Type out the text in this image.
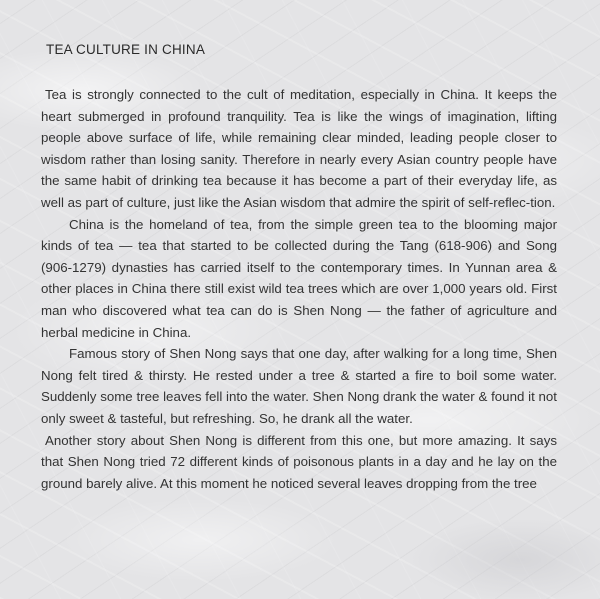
TEA CULTURE IN CHINA

Tea is strongly connected to the cult of meditation, especially in China. It keeps the heart submerged in profound tranquility. Tea is like the wings of imagination, lifting people above surface of life, while remaining clear minded, leading people closer to wisdom rather than losing sanity. Therefore in nearly every Asian country people have the same habit of drinking tea because it has become a part of their everyday life, as well as part of culture, just like the Asian wisdom that admire the spirit of self-reflec-tion.

China is the homeland of tea, from the simple green tea to the blooming major kinds of tea — tea that started to be collected during the Tang (618-906) and Song (906-1279) dynasties has carried itself to the contemporary times. In Yunnan area & other places in China there still exist wild tea trees which are over 1,000 years old. First man who discovered what tea can do is Shen Nong — the father of agriculture and herbal medicine in China.

Famous story of Shen Nong says that one day, after walking for a long time, Shen Nong felt tired & thirsty. He rested under a tree & started a fire to boil some water. Suddenly some tree leaves fell into the water. Shen Nong drank the water & found it not only sweet & tasteful, but refreshing. So, he drank all the water.

Another story about Shen Nong is different from this one, but more amazing. It says that Shen Nong tried 72 different kinds of poisonous plants in a day and he lay on the ground barely alive. At this moment he noticed several leaves dropping from the tree
